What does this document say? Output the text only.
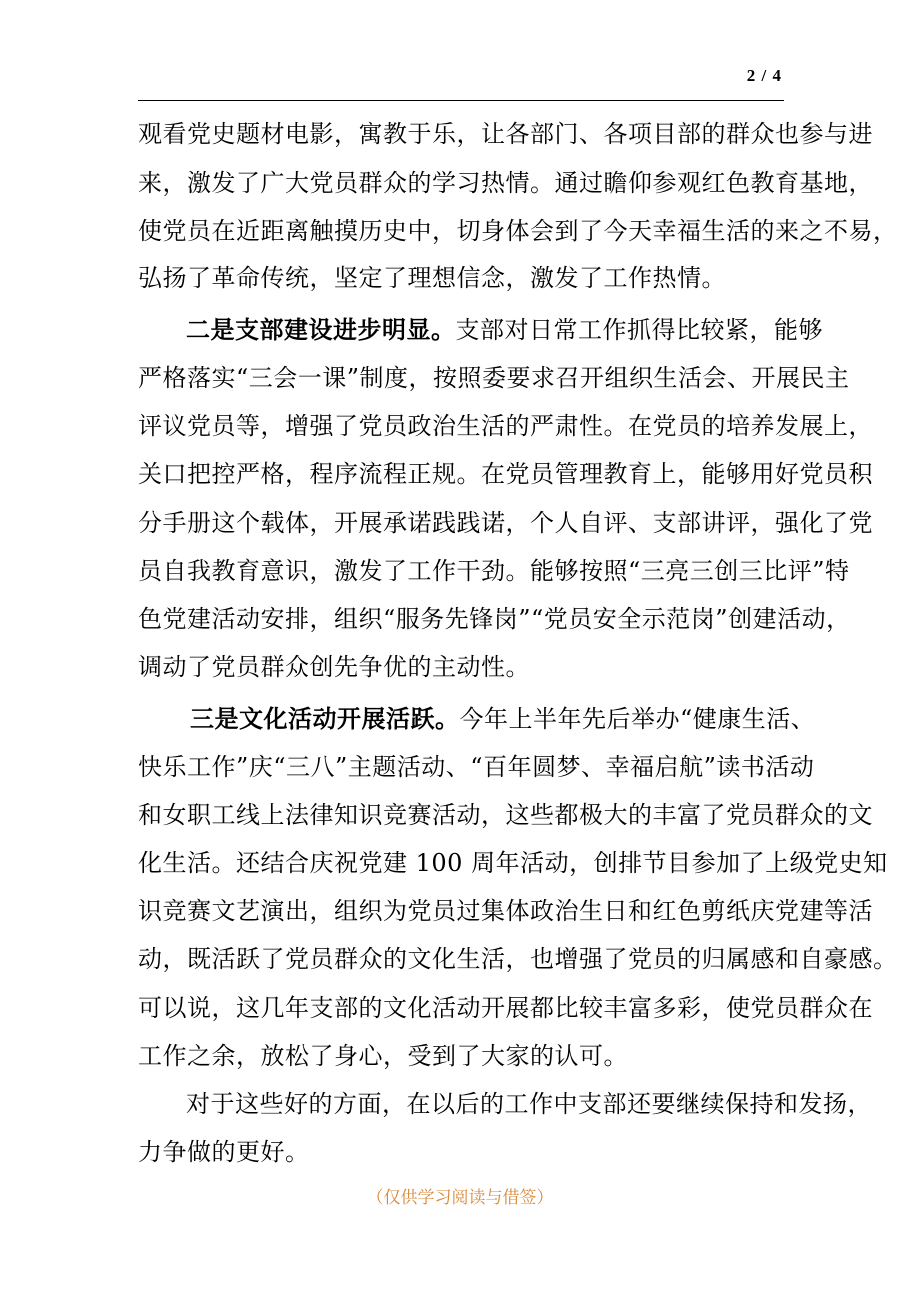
2 / 4
观看党史题材电影，寓教于乐，让各部门、各项目部的群众也参与进
来，激发了广大党员群众的学习热情。通过瞻仰参观红色教育基地，
使党员在近距离触摸历史中，切身体会到了今天幸福生活的来之不易，
弘扬了革命传统，坚定了理想信念，激发了工作热情。
二是支部建设进步明显。支部对日常工作抓得比较紧，能够
严格落实“三会一课”制度，按照委要求召开组织生活会、开展民主
评议党员等，增强了党员政治生活的严肃性。在党员的培养发展上，
关口把控严格，程序流程正规。在党员管理教育上，能够用好党员积
分手册这个载体，开展承诺践践诺，个人自评、支部讲评，强化了党
员自我教育意识，激发了工作干劲。能够按照“三亮三创三比评”特
色党建活动安排，组织“服务先锋岗”“党员安全示范岗”创建活动，
调动了党员群众创先争优的主动性。
三是文化活动开展活跃。今年上半年先后举办“健康生活、
快乐工作”庆“三八”主题活动、“百年圆梦、幸福启航”读书活动
和女职工线上法律知识竞赛活动，这些都极大的丰富了党员群众的文
化生活。还结合庆祝党建 100 周年活动，创排节目参加了上级党史知
识竞赛文艺演出，组织为党员过集体政治生日和红色剪纸庆党建等活
动，既活跃了党员群众的文化生活，也增强了党员的归属感和自豪感。
可以说，这几年支部的文化活动开展都比较丰富多彩，使党员群众在
工作之余，放松了身心，受到了大家的认可。
对于这些好的方面，在以后的工作中支部还要继续保持和发扬，
力争做的更好。
（仅供学习阅读与借签）
